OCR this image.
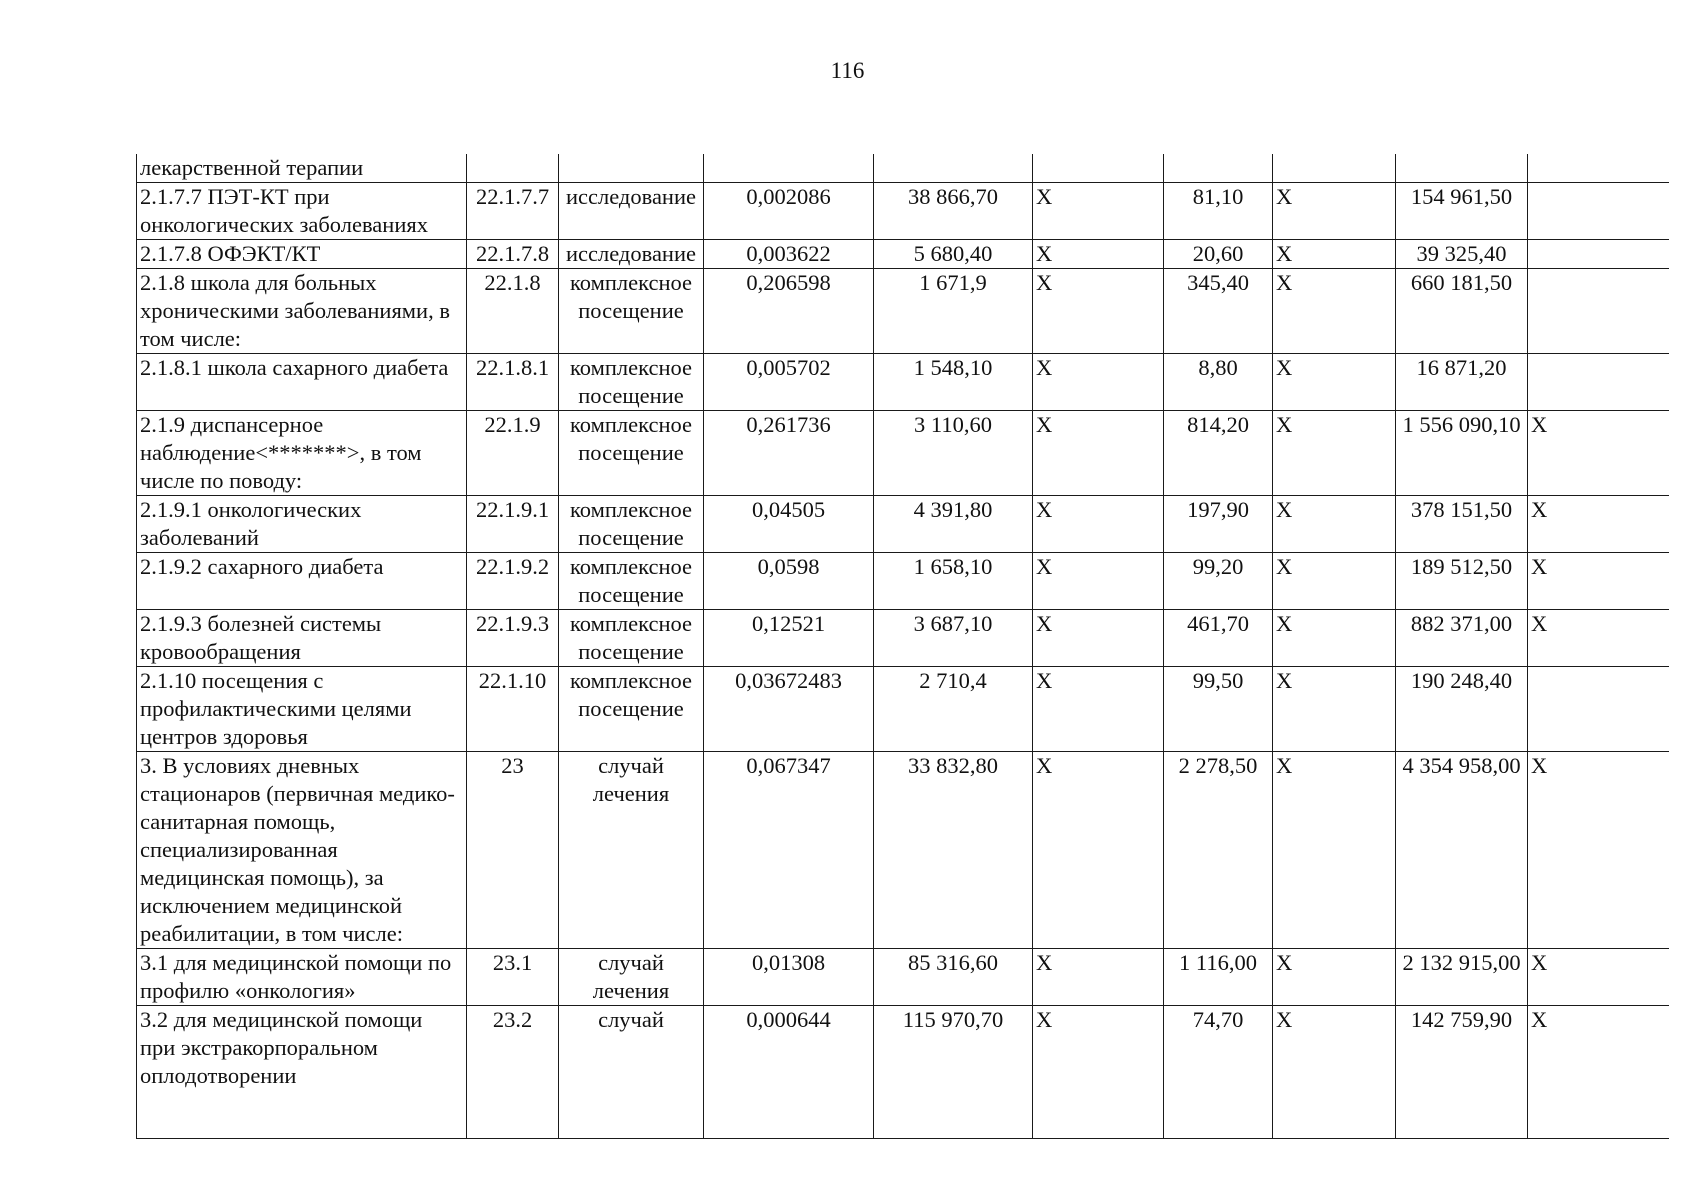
116
лекарственной терапии									
2.1.7.7 ПЭТ-КТ при онкологических заболеваниях	22.1.7.7	исследование	0,002086	38 866,70	X	81,10	X	154 961,50	
2.1.7.8 ОФЭКТ/КТ	22.1.7.8	исследование	0,003622	5 680,40	X	20,60	X	39 325,40	
2.1.8 школа для больных хроническими заболеваниями, в том числе:	22.1.8	комплексное посещение	0,206598	1 671,9	X	345,40	X	660 181,50	
2.1.8.1 школа сахарного диабета	22.1.8.1	комплексное посещение	0,005702	1 548,10	X	8,80	X	16 871,20	
2.1.9 диспансерное наблюдение<*******>, в том числе по поводу:	22.1.9	комплексное посещение	0,261736	3 110,60	X	814,20	X	1 556 090,10	X
2.1.9.1 онкологических заболеваний	22.1.9.1	комплексное посещение	0,04505	4 391,80	X	197,90	X	378 151,50	X
2.1.9.2 сахарного диабета	22.1.9.2	комплексное посещение	0,0598	1 658,10	X	99,20	X	189 512,50	X
2.1.9.3 болезней системы кровообращения	22.1.9.3	комплексное посещение	0,12521	3 687,10	X	461,70	X	882 371,00	X
2.1.10 посещения с профилактическими целями центров здоровья	22.1.10	комплексное посещение	0,03672483	2 710,4	X	99,50	X	190 248,40	
3. В условиях дневных стационаров (первичная медико-санитарная помощь, специализированная медицинская помощь), за исключением медицинской реабилитации, в том числе:	23	случай лечения	0,067347	33 832,80	X	2 278,50	X	4 354 958,00	X
3.1 для медицинской помощи по профилю «онкология»	23.1	случай лечения	0,01308	85 316,60	X	1 116,00	X	2 132 915,00	X
3.2 для медицинской помощи при экстракорпоральном оплодотворении	23.2	случай	0,000644	115 970,70	X	74,70	X	142 759,90	X
